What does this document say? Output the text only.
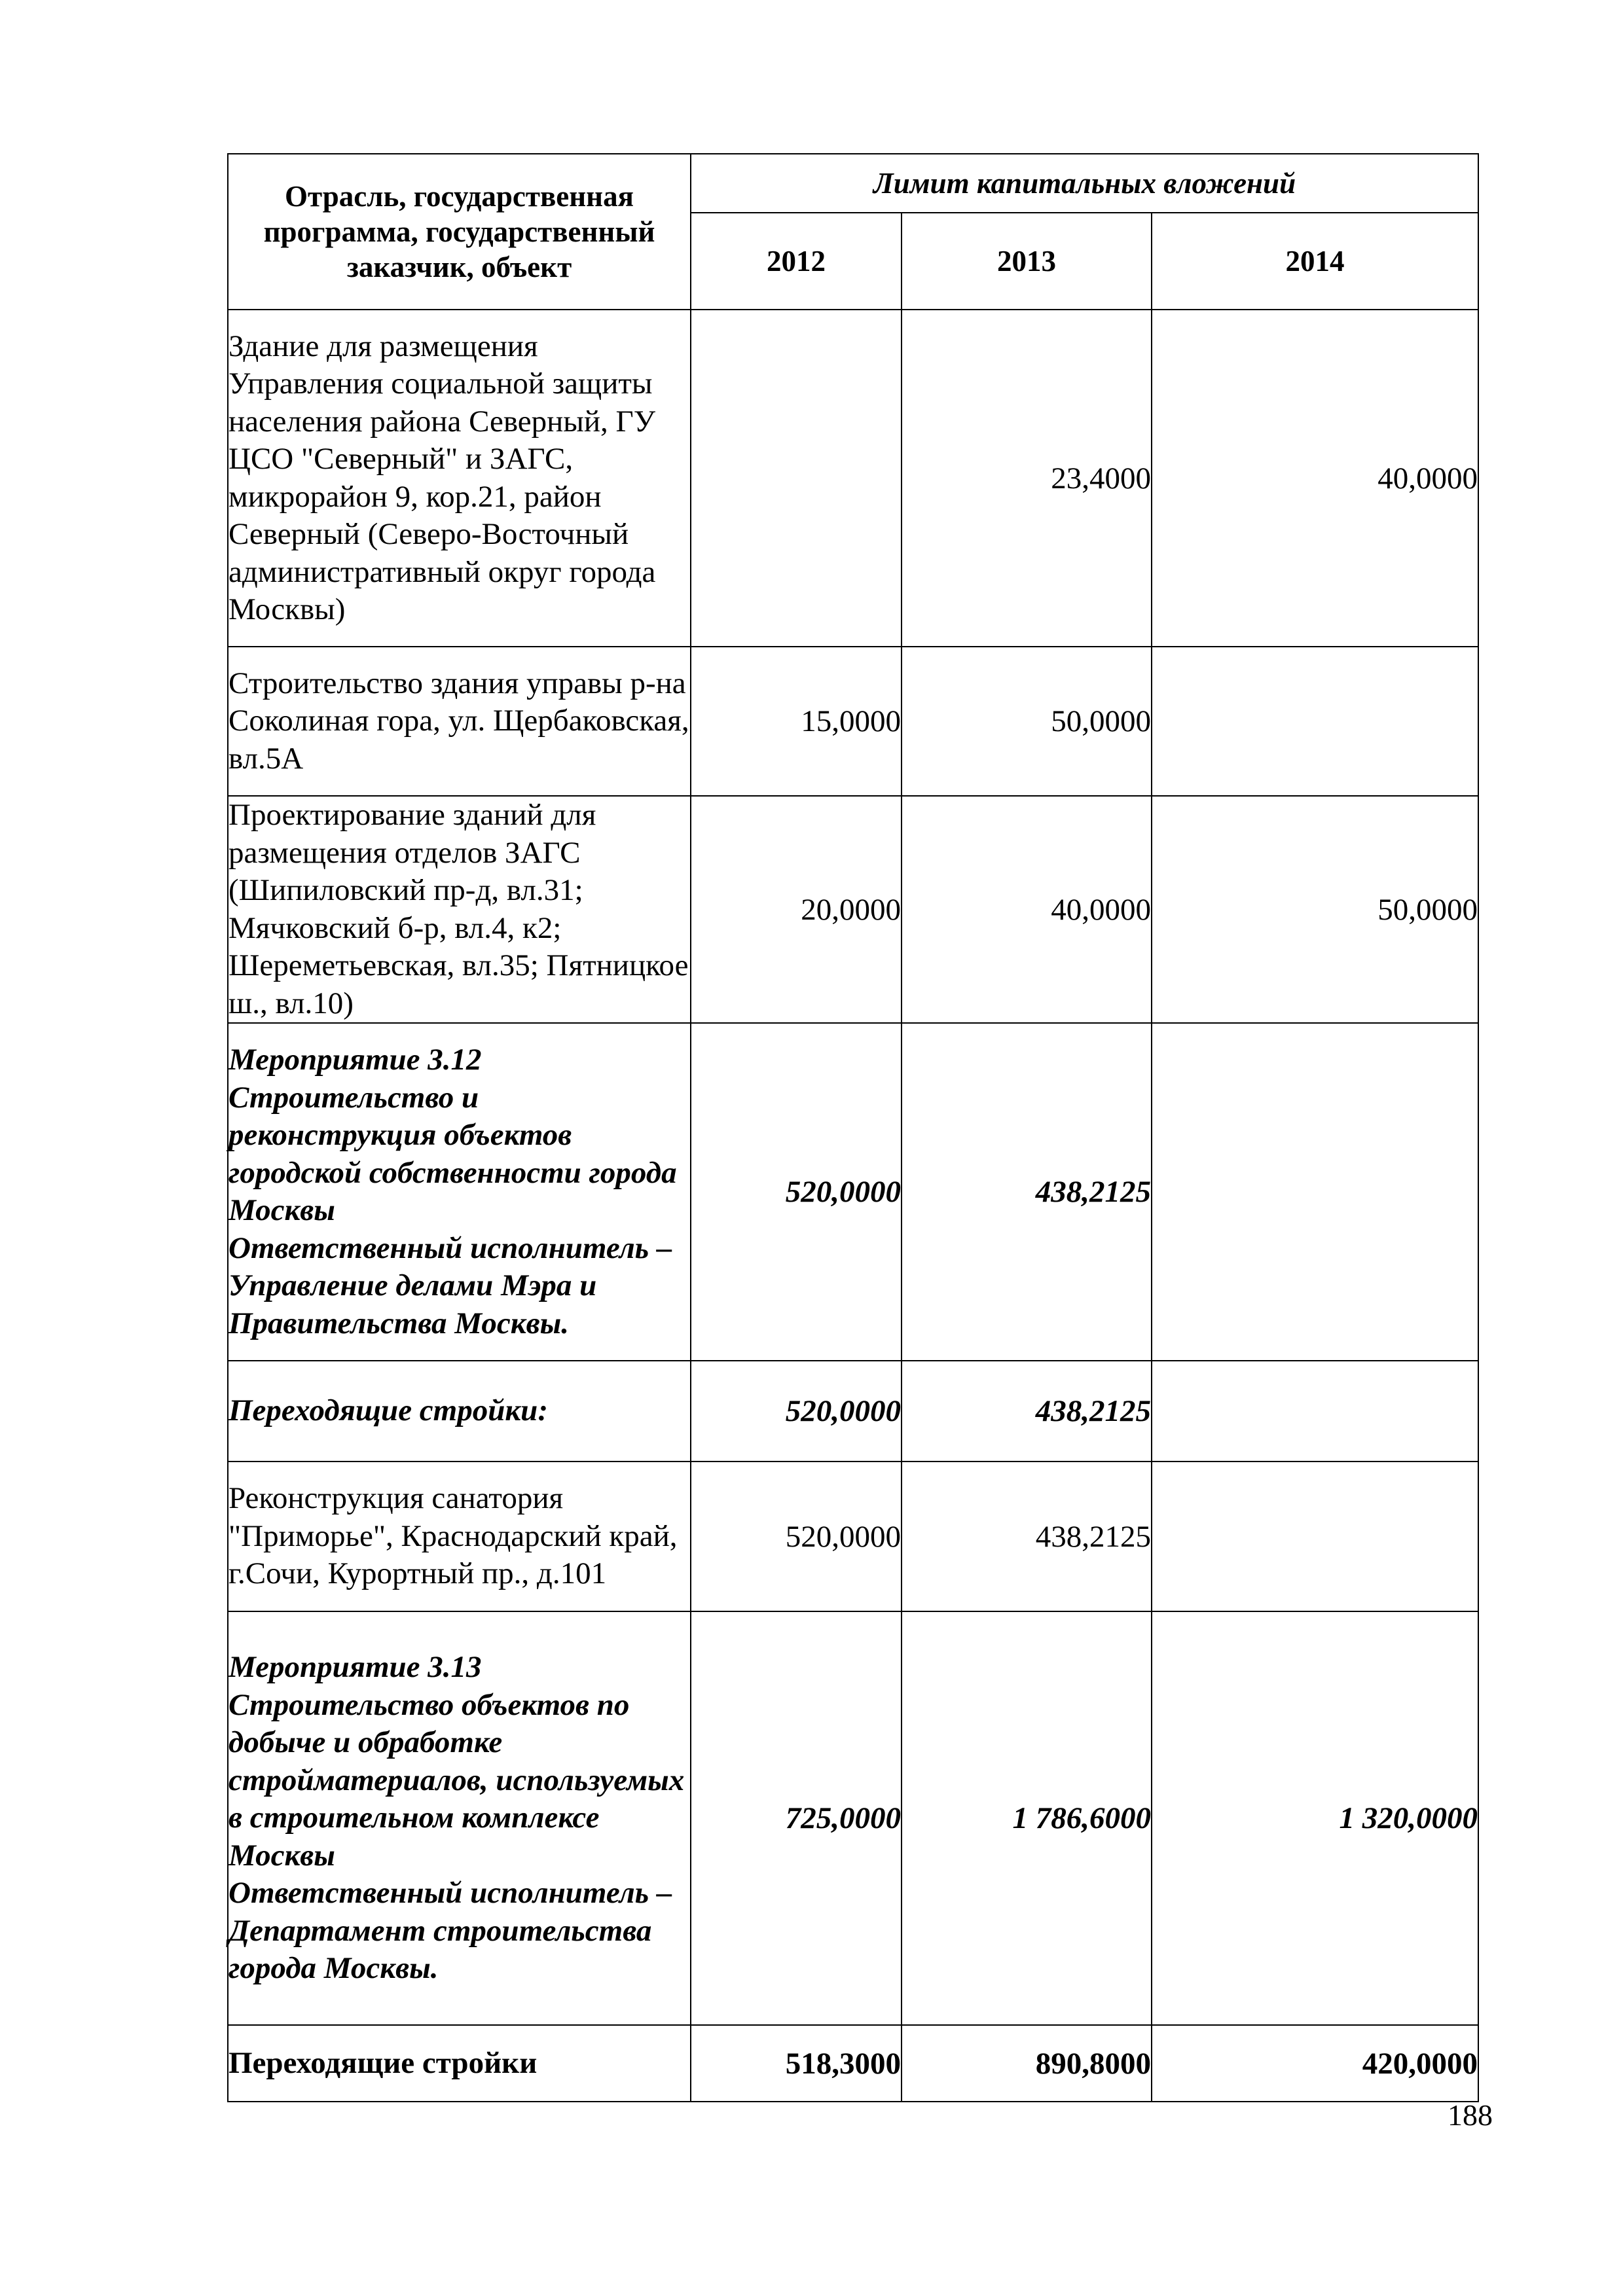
Отрасль, государственная программа, государственный заказчик, объект	Лимит капитальных вложений		
	2012	2013	2014
Здание для размещения Управления социальной защиты населения района Северный, ГУ ЦСО "Северный" и ЗАГС, микрорайон 9, кор.21, район Северный (Северо-Восточный административный округ города Москвы)		23,4000	40,0000
Строительство здания управы р-на Соколиная гора, ул. Щербаковская, вл.5А	15,0000	50,0000	
Проектирование зданий для размещения отделов ЗАГС (Шипиловский пр-д, вл.31; Мячковский б-р, вл.4, к2; Шереметьевская, вл.35; Пятницкое ш., вл.10)	20,0000	40,0000	50,0000
Мероприятие 3.12
Строительство и реконструкция объектов городской собственности города Москвы
Ответственный исполнитель – Управление делами Мэра и Правительства Москвы.	520,0000	438,2125	
Переходящие стройки:	520,0000	438,2125	
Реконструкция санатория "Приморье", Краснодарский край, г.Сочи, Курортный пр., д.101	520,0000	438,2125	
Мероприятие 3.13
Строительство объектов по добыче и обработке стройматериалов, используемых в строительном комплексе Москвы
Ответственный исполнитель – Департамент строительства города Москвы.	725,0000	1 786,6000	1 320,0000
Переходящие стройки	518,3000	890,8000	420,0000
188
